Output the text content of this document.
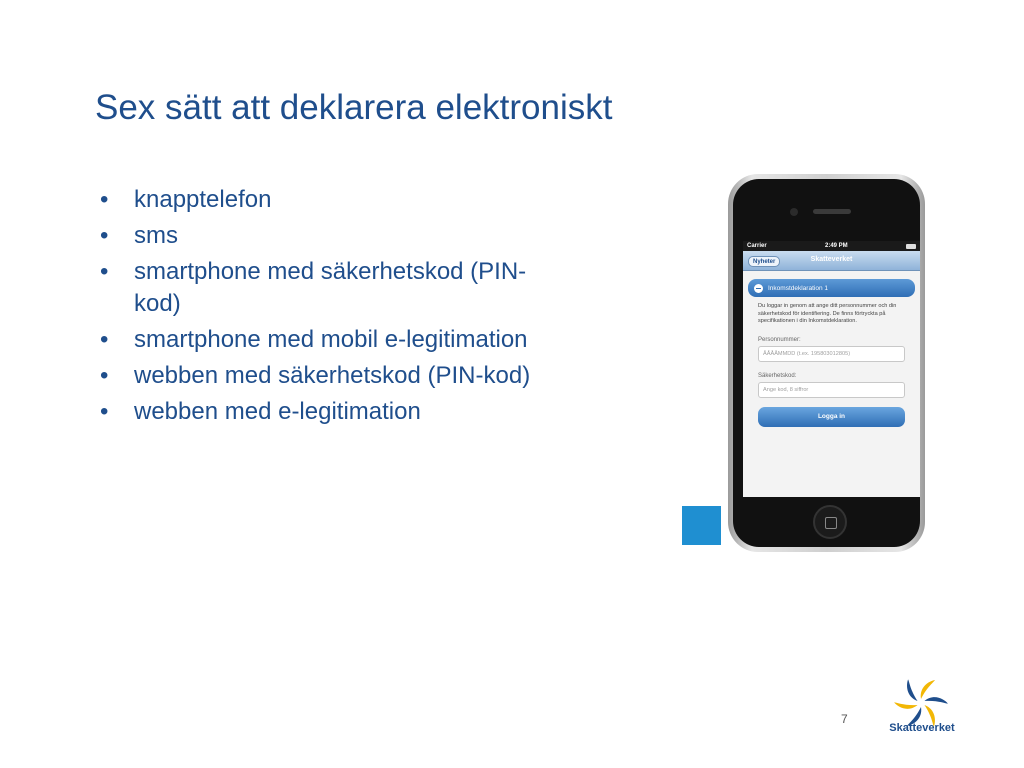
Sex sätt att deklarera elektroniskt
• knapptelefon
• sms
• smartphone med säkerhetskod (PIN-kod)
• smartphone med mobil e-legitimation
• webben med säkerhetskod (PIN-kod)
• webben med e-legitimation
Carrier	2:49 PM
Nyheter	Skatteverket
Inkomstdeklaration 1
Du loggar in genom att ange ditt personnummer och din säkerhetskod för identifiering. De finns förtryckta på specifikationen i din Inkomstdeklaration.
Personnummer:
ÅÅÅÅMMDD (t.ex. 195803012805)
Säkerhetskod:
Ange kod, 8 siffror
Logga in
7
Skatteverket
